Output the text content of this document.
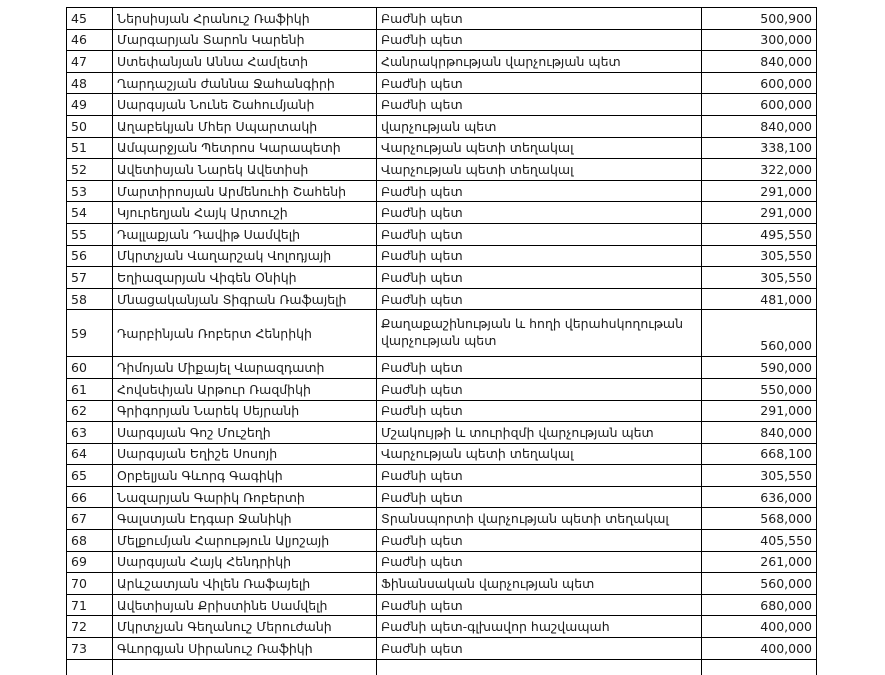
45	Ներսիսյան Հրանուշ Ռաֆիկի	Բաժնի պետ	500,900
46	Մարգարյան Տարոն Կարենի	Բաժնի պետ	300,000
47	Ստեփանյան Աննա Համլետի	Հանրակրթության վարչության պետ	840,000
48	Ղարդաշյան ժաննա Ջահանգիրի	Բաժնի պետ	600,000
49	Սարգսյան Նունե Շահումյանի	Բաժնի պետ	600,000
50	Աղաբեկյան Մհեր Սպարտակի	վարչության պետ	840,000
51	Ամպարջյան Պետրոս Կարապետի	Վարչության պետի տեղակալ	338,100
52	Ավետիսյան Նարեկ Ավետիսի	Վարչության պետի տեղակալ	322,000
53	Մարտիրոսյան Արմենուհի Շահենի	Բաժնի պետ	291,000
54	Կյուրեղյան Հայկ Արտուշի	Բաժնի պետ	291,000
55	Դալլաքյան Դավիթ Սամվելի	Բաժնի պետ	495,550
56	Մկրտչյան Վաղարշակ Վոլոդյայի	Բաժնի պետ	305,550
57	Եղիազարյան Վիգեն Օնիկի	Բաժնի պետ	305,550
58	Մնացականյան Տիգրան Ռաֆայելի	Բաժնի պետ	481,000
59	Դարբինյան Ռոբերտ Հենրիկի	Քաղաքաշինության և հողի վերահսկողութան վարչության պետ	560,000
60	Դիմոյան Միքայել Վարազդատի	Բաժնի պետ	590,000
61	Հովսեփյան Արթուր Ռազմիկի	Բաժնի պետ	550,000
62	Գրիգորյան Նարեկ Սեյրանի	Բաժնի պետ	291,000
63	Սարգսյան Գոշ Մուշեղի	Մշակույթի և տուրիզմի վարչության պետ	840,000
64	Սարգսյան Եղիշե Սոսոյի	Վարչության պետի տեղակալ	668,100
65	Օրբելյան Գևորգ Գագիկի	Բաժնի պետ	305,550
66	Նազարյան Գարիկ Ռոբերտի	Բաժնի պետ	636,000
67	Գալստյան Էդգար Ջանիկի	Տրանսպորտի վարչության պետի տեղակալ	568,000
68	Մելքումյան Հարություն Ալյոշայի	Բաժնի պետ	405,550
69	Սարգսյան Հայկ Հենդրիկի	Բաժնի պետ	261,000
70	Արևշատյան Վիլեն Ռաֆայելի	Ֆինանսական վարչության պետ	560,000
71	Ավետիսյան Քրիստինե Սամվելի	Բաժնի պետ	680,000
72	Մկրտչյան Գեղանուշ Մերուժանի	Բաժնի պետ-գլխավոր հաշվապահ	400,000
73	Գևորգյան Սիրանուշ Ռաֆիկի	Բաժնի պետ	400,000
